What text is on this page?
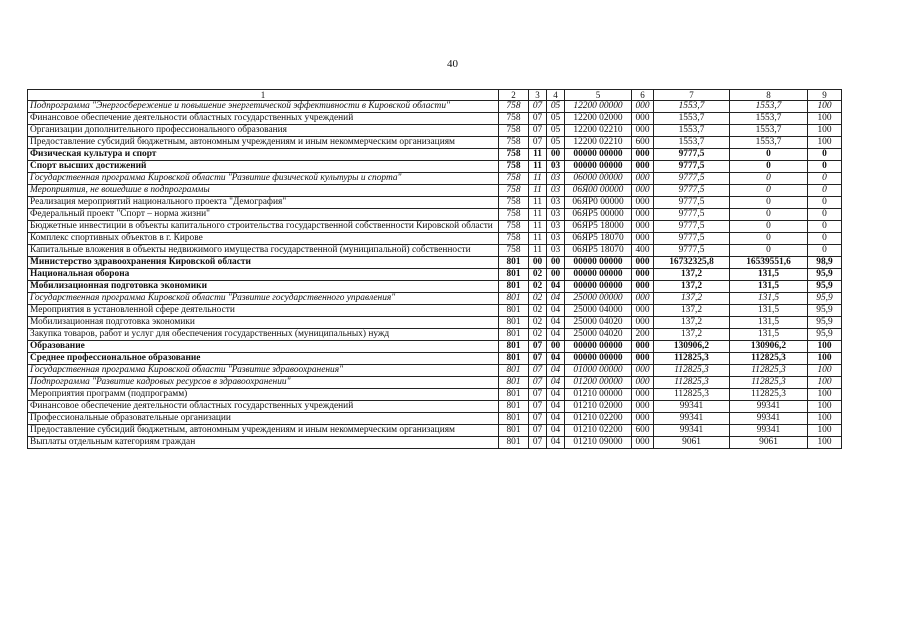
40
1	2	3	4	5	6	7	8	9
Подпрограмма "Энергосбережение и повышение энергетической эффективности в Кировской области"	758	07	05	12200 00000	000	1553,7	1553,7	100
Финансовое обеспечение деятельности областных государственных учреждений	758	07	05	12200 02000	000	1553,7	1553,7	100
Организации дополнительного профессионального образования	758	07	05	12200 02210	000	1553,7	1553,7	100
Предоставление субсидий бюджетным, автономным учреждениям и иным некоммерческим организациям	758	07	05	12200 02210	600	1553,7	1553,7	100
Физическая культура и спорт	758	11	00	00000 00000	000	9777,5	0	0
Спорт высших достижений	758	11	03	00000 00000	000	9777,5	0	0
Государственная программа Кировской области "Развитие физической культуры и спорта"	758	11	03	06000 00000	000	9777,5	0	0
Мероприятия, не вошедшие в подпрограммы	758	11	03	06Я00 00000	000	9777,5	0	0
Реализация мероприятий национального проекта "Демография"	758	11	03	06ЯР0 00000	000	9777,5	0	0
Федеральный проект "Спорт – норма жизни"	758	11	03	06ЯР5 00000	000	9777,5	0	0
Бюджетные инвестиции в объекты капитального строительства государственной собственности Кировской области	758	11	03	06ЯР5 18000	000	9777,5	0	0
Комплекс спортивных объектов в г. Кирове	758	11	03	06ЯР5 18070	000	9777,5	0	0
Капитальные вложения в объекты недвижимого имущества государственной (муниципальной) собственности	758	11	03	06ЯР5 18070	400	9777,5	0	0
Министерство здравоохранения Кировской области	801	00	00	00000 00000	000	16732325,8	16539551,6	98,9
Национальная оборона	801	02	00	00000 00000	000	137,2	131,5	95,9
Мобилизационная подготовка экономики	801	02	04	00000 00000	000	137,2	131,5	95,9
Государственная программа Кировской области "Развитие государственного управления"	801	02	04	25000 00000	000	137,2	131,5	95,9
Мероприятия в установленной сфере деятельности	801	02	04	25000 04000	000	137,2	131,5	95,9
Мобилизационная подготовка экономики	801	02	04	25000 04020	000	137,2	131,5	95,9
Закупка товаров, работ и услуг для обеспечения государственных (муниципальных) нужд	801	02	04	25000 04020	200	137,2	131,5	95,9
Образование	801	07	00	00000 00000	000	130906,2	130906,2	100
Среднее профессиональное образование	801	07	04	00000 00000	000	112825,3	112825,3	100
Государственная программа Кировской области "Развитие здравоохранения"	801	07	04	01000 00000	000	112825,3	112825,3	100
Подпрограмма "Развитие кадровых ресурсов в здравоохранении"	801	07	04	01200 00000	000	112825,3	112825,3	100
Мероприятия программ (подпрограмм)	801	07	04	01210 00000	000	112825,3	112825,3	100
Финансовое обеспечение деятельности областных государственных учреждений	801	07	04	01210 02000	000	99341	99341	100
Профессиональные образовательные организации	801	07	04	01210 02200	000	99341	99341	100
Предоставление субсидий бюджетным, автономным учреждениям и иным некоммерческим организациям	801	07	04	01210 02200	600	99341	99341	100
Выплаты отдельным категориям граждан	801	07	04	01210 09000	000	9061	9061	100
